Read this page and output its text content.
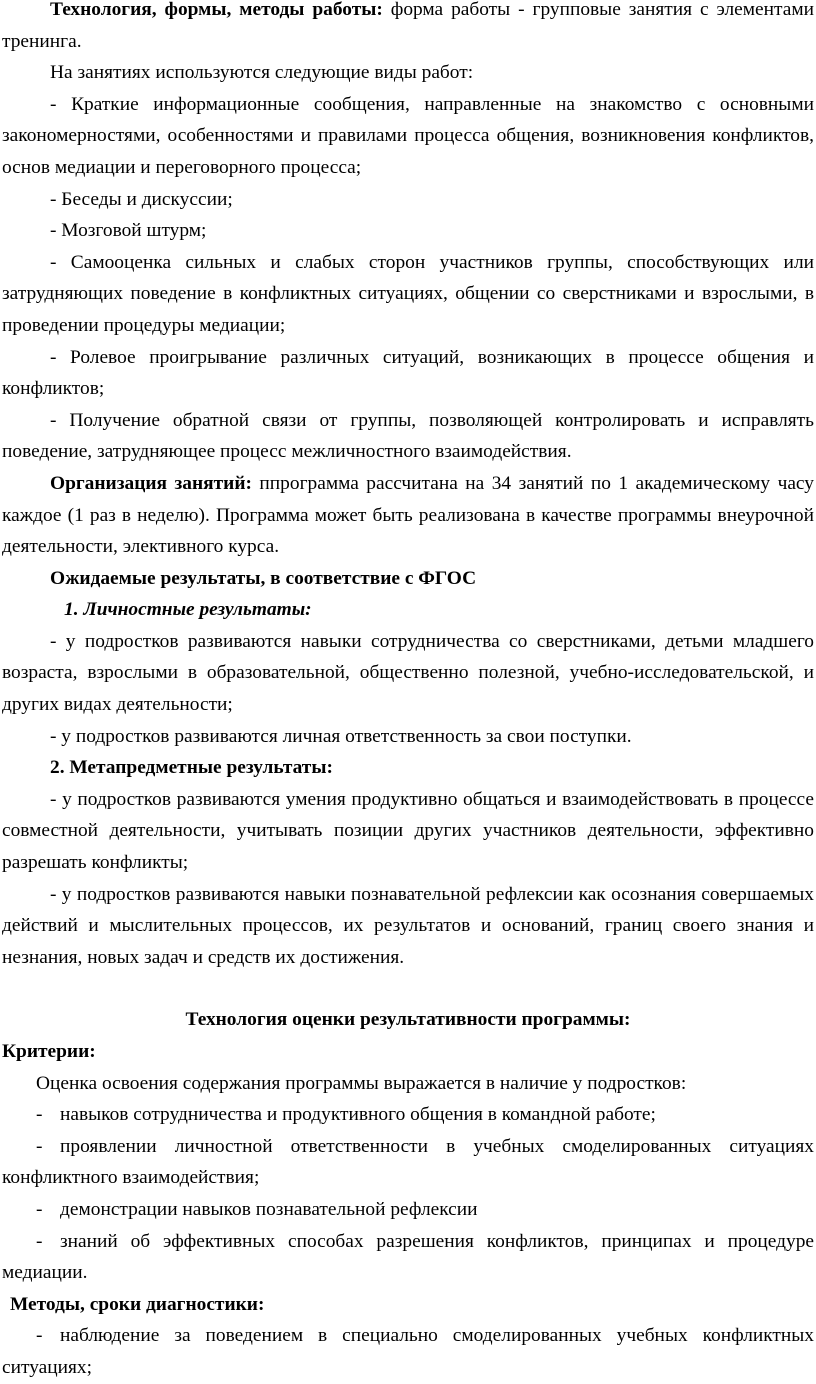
Технология, формы, методы работы: форма работы - групповые занятия с элементами тренинга.

На занятиях используются следующие виды работ:

- Краткие информационные сообщения, направленные на знакомство с основными закономерностями, особенностями и правилами процесса общения, возникновения конфликтов, основ медиации и переговорного процесса;

- Беседы и дискуссии;

- Мозговой штурм;

- Самооценка сильных и слабых сторон участников группы, способствующих или затрудняющих поведение в конфликтных ситуациях, общении со сверстниками и взрослыми, в проведении процедуры медиации;

- Ролевое проигрывание различных ситуаций, возникающих в процессе общения и конфликтов;

- Получение обратной связи от группы, позволяющей контролировать и исправлять поведение, затрудняющее процесс межличностного взаимодействия.

Организация занятий: ппрограмма рассчитана на 34 занятий по 1 академическому часу каждое (1 раз в неделю). Программа может быть реализована в качестве программы внеурочной деятельности, элективного курса.

Ожидаемые результаты, в соответствие с ФГОС

1. Личностные результаты:

- у подростков развиваются навыки сотрудничества со сверстниками, детьми младшего возраста, взрослыми в образовательной, общественно полезной, учебно-исследовательской, и других видах деятельности;

- у подростков развиваются личная ответственность за свои поступки.

2. Метапредметные результаты:

- у подростков развиваются умения продуктивно общаться и взаимодействовать в процессе совместной деятельности, учитывать позиции других участников деятельности, эффективно разрешать конфликты;

- у подростков развиваются навыки познавательной рефлексии как осознания совершаемых действий и мыслительных процессов, их результатов и оснований, границ своего знания и незнания, новых задач и средств их достижения.

Технология оценки результативности программы:

Критерии:

Оценка освоения содержания программы выражается в наличие у подростков:

- навыков сотрудничества и продуктивного общения в командной работе;

- проявлении личностной ответственности в учебных смоделированных ситуациях конфликтного взаимодействия;

- демонстрации навыков познавательной рефлексии

- знаний об эффективных способах разрешения конфликтов, принципах и процедуре медиации.

Методы, сроки диагностики:

- наблюдение за поведением в специально смоделированных учебных конфликтных ситуациях;
